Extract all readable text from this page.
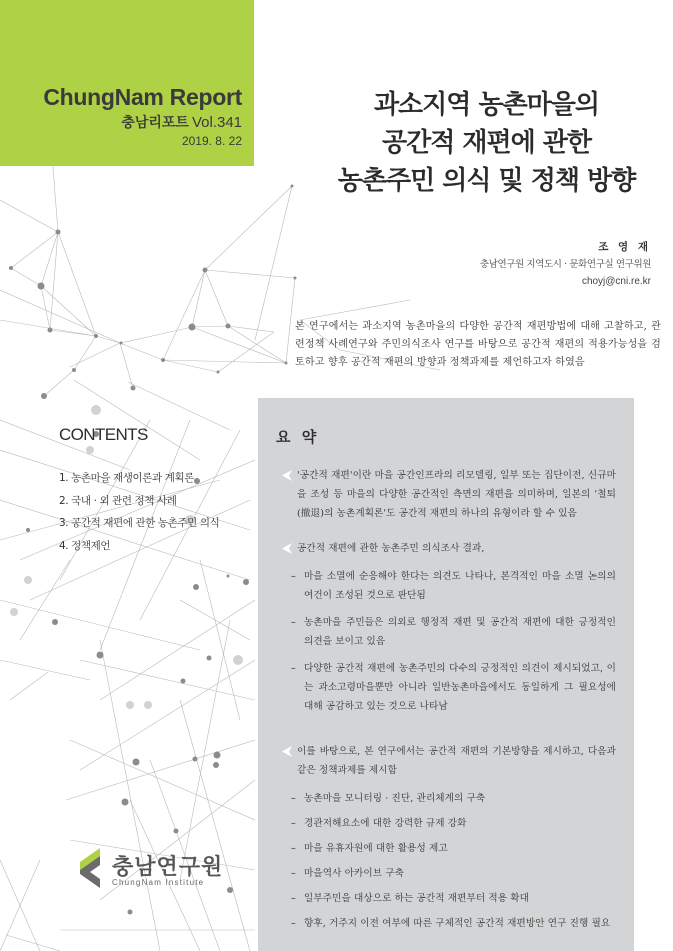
ChungNam Report
충남리포트 Vol.341
2019. 8. 22
과소지역 농촌마을의
공간적 재편에 관한
농촌주민 의식 및 정책 방향
조 영 재
충남연구원 지역도시 · 문화연구실 연구위원
choyj@cni.re.kr
본 연구에서는 과소지역 농촌마을의 다양한 공간적 재편방법에 대해 고찰하고, 관련정책 사례연구와 주민의식조사 연구를 바탕으로 공간적 재편의 적용가능성을 검토하고 향후 공간적 재편의 방향과 정책과제를 제언하고자 하였음
CONTENTS
1. 농촌마을 재생이론과 계획론
2. 국내 · 외 관련 정책 사례
3. 공간적 재편에 관한 농촌주민 의식
4. 정책제언
요 약
'공간적 재편'이란 마을 공간인프라의 리모델링, 일부 또는 집단이전, 신규마을 조성 등 마을의 다양한 공간적인 측면의 재편을 의미하며, 일본의 '철퇴(撤退)의 농촌계획론'도 공간적 재편의 하나의 유형이라 할 수 있음
공간적 재편에 관한 농촌주민 의식조사 결과,
– 마을 소멸에 순응해야 한다는 의견도 나타나, 본격적인 마을 소멸 논의의 여건이 조성된 것으로 판단됨
– 농촌마을 주민들은 의외로 행정적 재편 및 공간적 재편에 대한 긍정적인 의견을 보이고 있음
– 다양한 공간적 재편에 농촌주민의 다수의 긍정적인 의견이 제시되었고, 이는 과소고령마을뿐만 아니라 일반농촌마을에서도 동일하게 그 필요성에 대해 공감하고 있는 것으로 나타남
이를 바탕으로, 본 연구에서는 공간적 재편의 기본방향을 제시하고, 다음과 같은 정책과제를 제시함
– 농촌마을 모니터링 · 진단, 관리체계의 구축
– 경관저해요소에 대한 강력한 규제 강화
– 마을 유휴자원에 대한 활용성 제고
– 마을역사 아카이브 구축
– 일부주민을 대상으로 하는 공간적 재편부터 적용 확대
– 향후, 거주지 이전 여부에 따른 구체적인 공간적 재편방안 연구 진행 필요
충남연구원
ChungNam Institute
